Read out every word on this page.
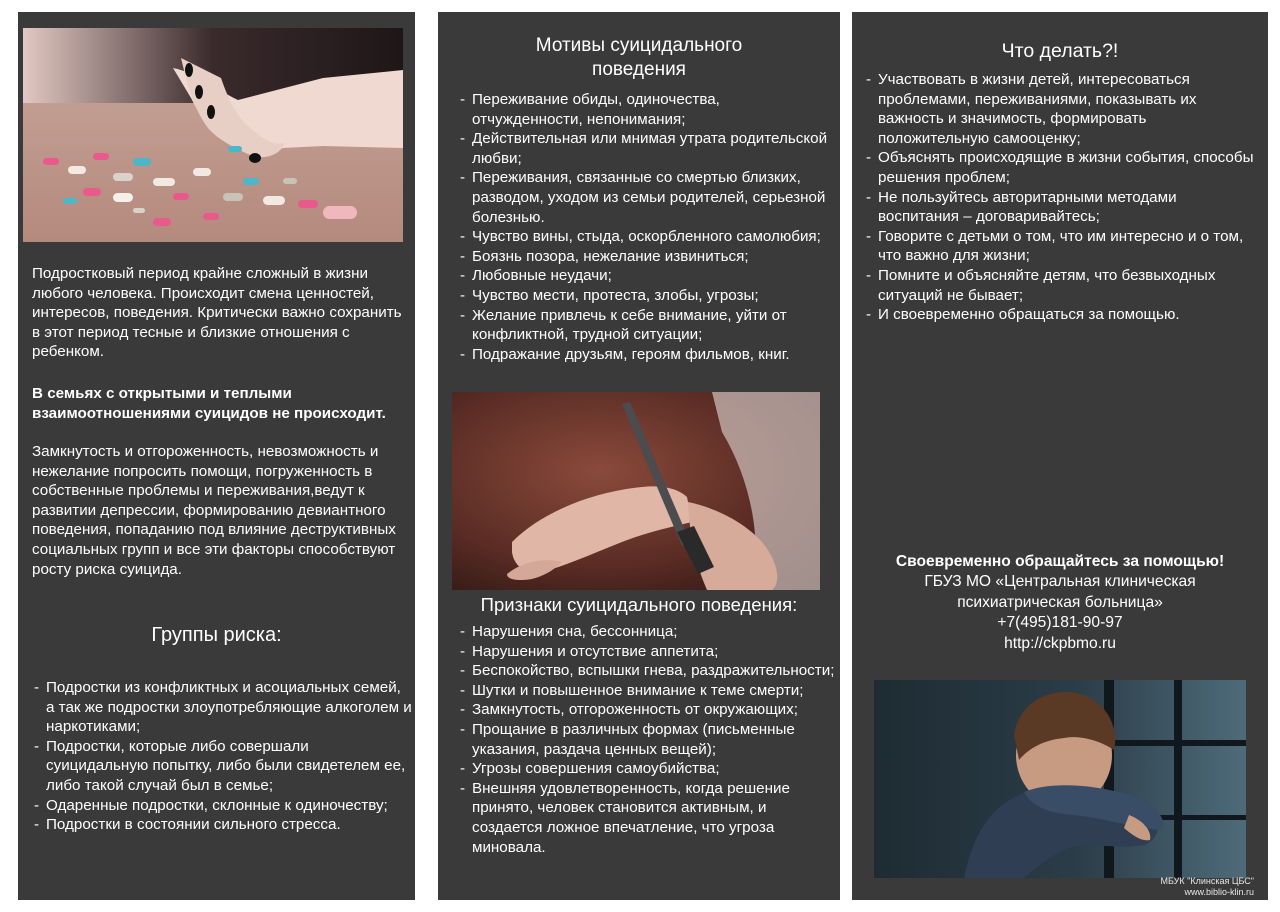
Подростковый период крайне сложный в жизни любого человека. Происходит смена ценностей, интересов, поведения. Критически важно сохранить в этот период тесные и близкие отношения с ребенком.

В семьях с открытыми и теплыми взаимоотношениями суицидов не происходит.

Замкнутость и отгороженность, невозможность и нежелание попросить помощи, погруженность в собственные проблемы и переживания,ведут к развитии депрессии, формированию девиантного поведения, попаданию под влияние деструктивных социальных групп и все эти факторы способствуют росту риска суицида.

Группы риска:
- Подростки из конфликтных и асоциальных семей, а так же подростки злоупотребляющие алкоголем и наркотиками;
- Подростки, которые либо совершали суицидальную попытку, либо были свидетелем ее, либо такой случай был в семье;
- Одаренные подростки, склонные к одиночеству;
- Подростки в состоянии сильного стресса.
Мотивы суицидального поведения
- Переживание обиды, одиночества, отчужденности, непонимания;
- Действительная или мнимая утрата родительской любви;
- Переживания, связанные со смертью близких, разводом, уходом из семьи родителей, серьезной болезнью.
- Чувство вины, стыда, оскорбленного самолюбия;
- Боязнь позора, нежелание извиниться;
- Любовные неудачи;
- Чувство мести, протеста, злобы, угрозы;
- Желание привлечь к себе внимание, уйти от конфликтной, трудной ситуации;
- Подражание друзьям, героям фильмов, книг.
Признаки суицидального поведения:
- Нарушения сна, бессонница;
- Нарушения и отсутствие аппетита;
- Беспокойство, вспышки гнева, раздражительности;
- Шутки и повышенное внимание к теме смерти;
- Замкнутость, отгороженность от окружающих;
- Прощание в различных формах (письменные указания, раздача ценных вещей);
- Угрозы совершения самоубийства;
- Внешняя удовлетворенность, когда решение принято, человек становится активным, и создается ложное впечатление, что угроза миновала.
Что делать?!
- Участвовать в жизни детей, интересоваться проблемами, переживаниями, показывать их важность и значимость, формировать положительную самооценку;
- Объяснять происходящие в жизни события, способы решения проблем;
- Не пользуйтесь авторитарными методами воспитания – договаривайтесь;
- Говорите с детьми о том, что им интересно и о том, что важно для жизни;
- Помните и объясняйте детям, что безвыходных ситуаций не бывает;
- И своевременно обращаться за помощью.
Своевременно обращайтесь за помощью!
ГБУЗ МО «Центральная клиническая
психиатрическая больница»
+7(495)181-90-97
http://ckpbmo.ru
МБУК "Клинская ЦБС"
www.biblio-klin.ru
